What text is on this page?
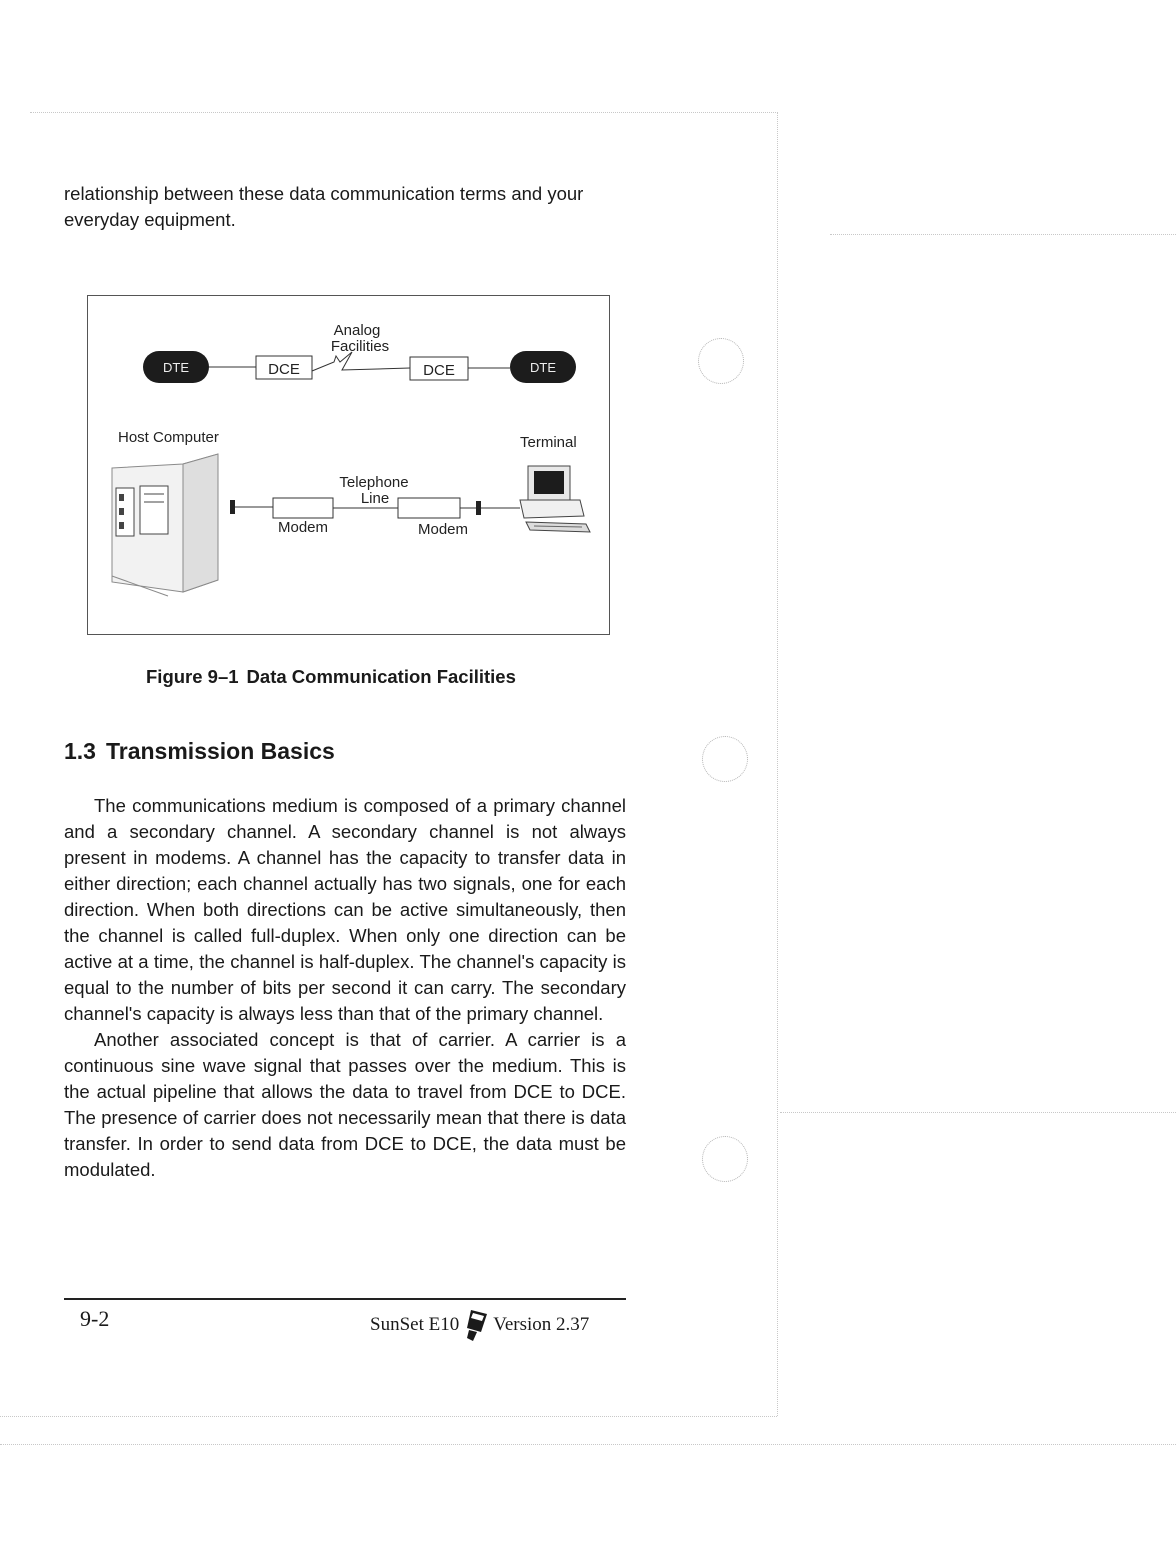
relationship between these data communication terms and your everyday equipment.

DTE	DCE
Analog
Facilities
DCE	DTE
Host Computer
Modem
Telephone
Line
Modem
Terminal
Figure 9–1 Data Communication Facilities
1.3 Transmission Basics

The communications medium is composed of a primary channel and a secondary channel. A secondary channel is not always present in modems. A channel has the capacity to transfer data in either direction; each channel actually has two signals, one for each direction. When both directions can be active simultaneously, then the channel is called full-duplex. When only one direction can be active at a time, the channel is half-duplex. The channel's capacity is equal to the number of bits per second it can carry. The secondary channel's capacity is always less than that of the primary channel.

Another associated concept is that of carrier. A carrier is a continuous sine wave signal that passes over the medium. This is the actual pipeline that allows the data to travel from DCE to DCE. The presence of carrier does not necessarily mean that there is data transfer. In order to send data from DCE to DCE, the data must be modulated.

9-2	SunSet E10 Version 2.37
